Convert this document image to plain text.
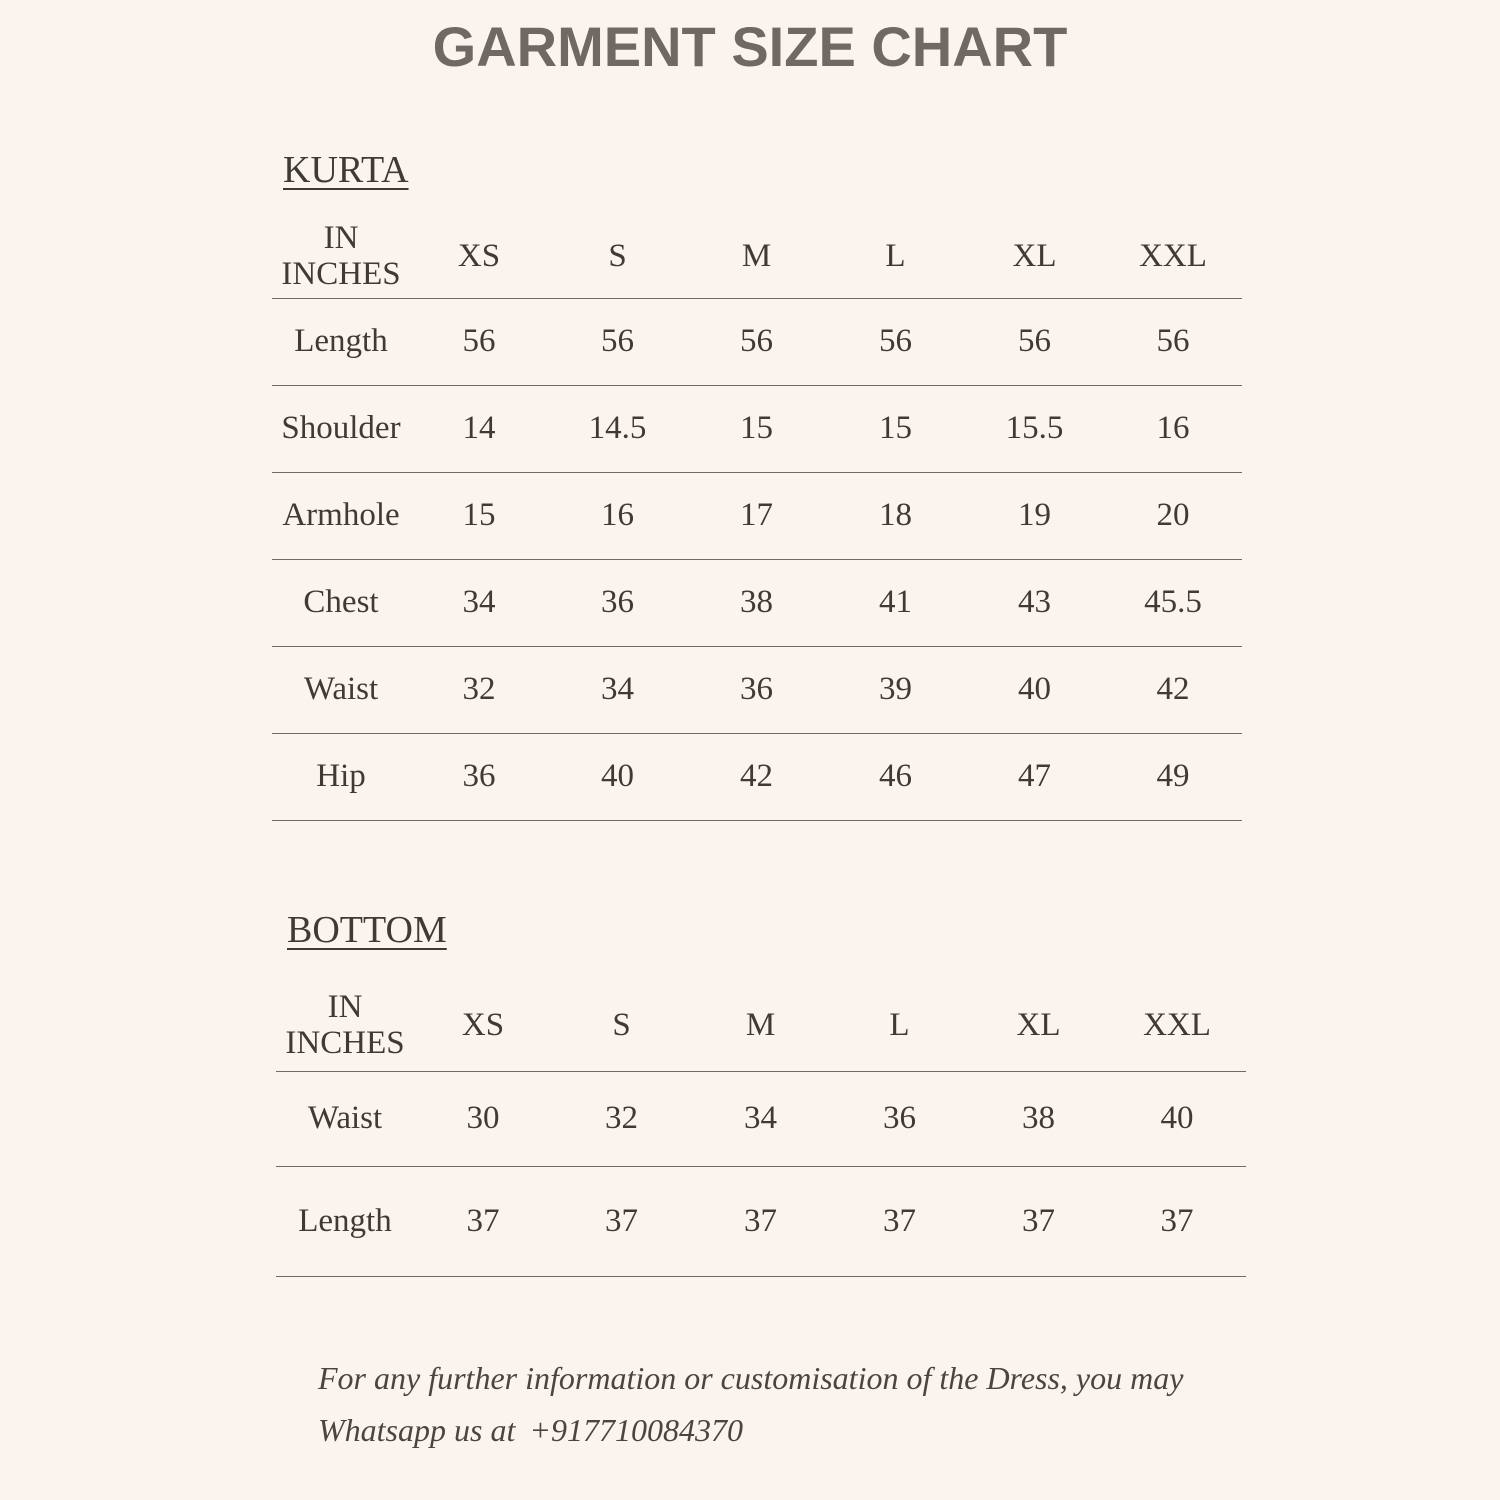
GARMENT SIZE CHART
KURTA
IN
INCHES	XS	S	M	L	XL	XXL
Length	56	56	56	56	56	56
Shoulder	14	14.5	15	15	15.5	16
Armhole	15	16	17	18	19	20
Chest	34	36	38	41	43	45.5
Waist	32	34	36	39	40	42
Hip	36	40	42	46	47	49
BOTTOM
IN
INCHES	XS	S	M	L	XL	XXL
Waist	30	32	34	36	38	40
Length	37	37	37	37	37	37
For any further information or customisation of the Dress, you may
Whatsapp us at +917710084370
